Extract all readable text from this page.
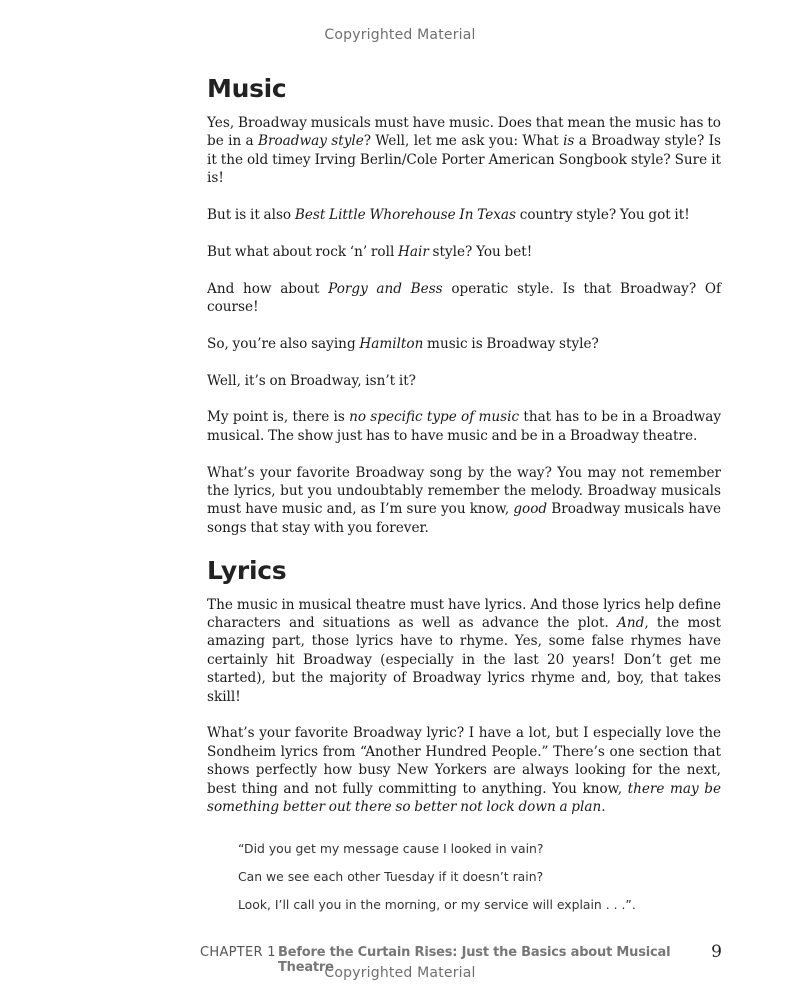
Copyrighted Material
Music

Yes, Broadway musicals must have music. Does that mean the music has to be in a Broadway style? Well, let me ask you: What is a Broadway style? Is it the old timey Irving Berlin/Cole Porter American Songbook style? Sure it is!

But is it also Best Little Whorehouse In Texas country style? You got it!

But what about rock ‘n’ roll Hair style? You bet!

And how about Porgy and Bess operatic style. Is that Broadway? Of course!

So, you’re also saying Hamilton music is Broadway style?

Well, it’s on Broadway, isn’t it?

My point is, there is no specific type of music that has to be in a Broadway musical. The show just has to have music and be in a Broadway theatre.

What’s your favorite Broadway song by the way? You may not remember the lyrics, but you undoubtably remember the melody. Broadway musicals must have music and, as I’m sure you know, good Broadway musicals have songs that stay with you forever.

Lyrics

The music in musical theatre must have lyrics. And those lyrics help define characters and situations as well as advance the plot. And, the most amazing part, those lyrics have to rhyme. Yes, some false rhymes have certainly hit Broadway (especially in the last 20 years! Don’t get me started), but the majority of Broadway lyrics rhyme and, boy, that takes skill!

What’s your favorite Broadway lyric? I have a lot, but I especially love the Sondheim lyrics from “Another Hundred People.” There’s one section that shows perfectly how busy New Yorkers are always looking for the next, best thing and not fully committing to anything. You know, there may be something better out there so better not lock down a plan.

“Did you get my message cause I looked in vain?
Can we see each other Tuesday if it doesn’t rain?
Look, I’ll call you in the morning, or my service will explain . . .”.
CHAPTER 1 Before the Curtain Rises: Just the Basics about Musical Theatre
9
Copyrighted Material
